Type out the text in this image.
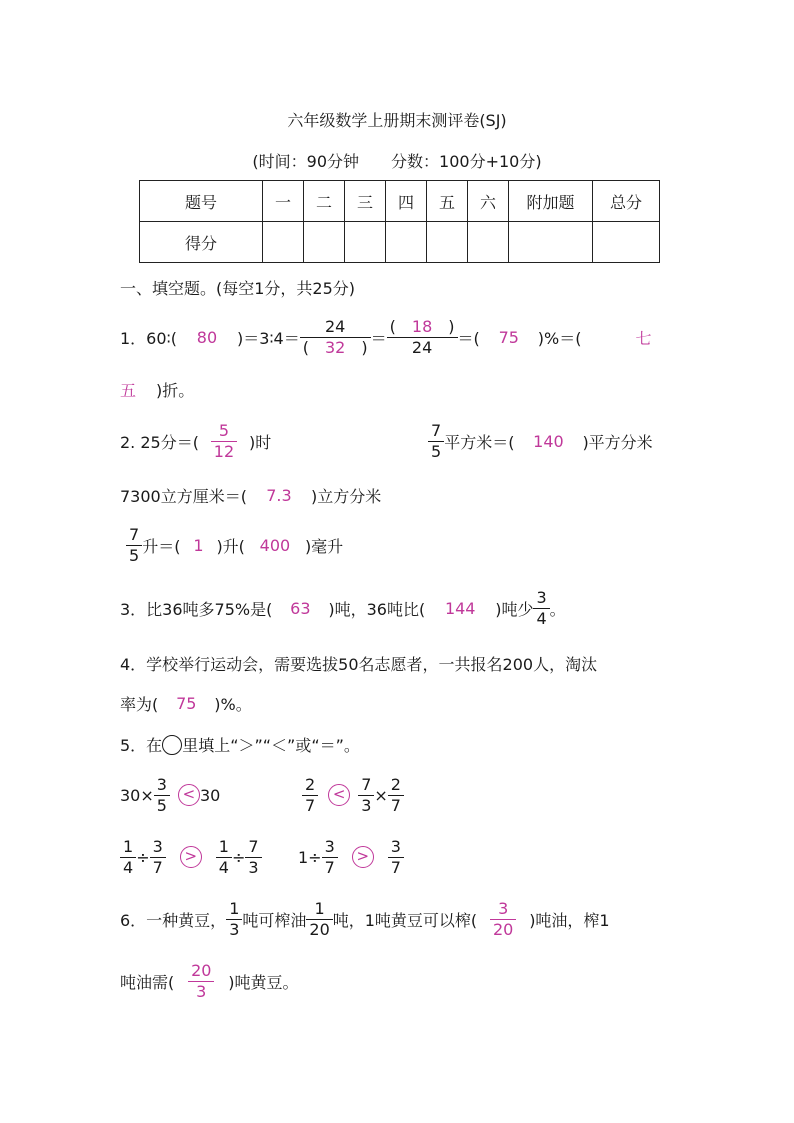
六年级数学上册期末测评卷(SJ)
(时间：90分钟　　分数：100分+10分)
题号	一	二	三	四	五	六	附加题	总分
得分								
一、填空题。(每空1分，共25分)
1．60∶(	80	)＝3∶4＝ $\frac{24}{( 32 )} = \frac{( 18 )}{24}$ ＝(	75	)%＝(	七
五	)折。
2. 25分＝( $\frac{5}{12}$ )时	$\frac{7}{5}$ 平方米＝(	140	)平方分米
7300立方厘米＝(	7.3	)立方分米
$\frac{7}{5}$ 升＝( 1 )升( 400 )毫升
3．比36吨多75%是(	63	)吨，36吨比(	144	)吨少 $\frac{3}{4}$ 。
4．学校举行运动会，需要选拔50名志愿者，一共报名200人，淘汰
率为(	75	)%。
5．在 里填上“＞”“＜”或“＝”。
$30\times \frac{3}{5} < 30$	$\frac{2}{7} < \frac{7}{3} \times \frac{2}{7}$
$\frac{1}{4} \div \frac{3}{7}$	> $\frac{1}{4} \div \frac{7}{3} 1\div \frac{3}{7}$	> $\frac{3}{7}$
6．一种黄豆， $\frac{1}{3}$ 吨可榨油 $\frac{1}{20}$ 吨，1吨黄豆可以榨( $\frac{3}{20}$ )吨油，榨1
吨油需( $\frac{20}{3}$ )吨黄豆。
